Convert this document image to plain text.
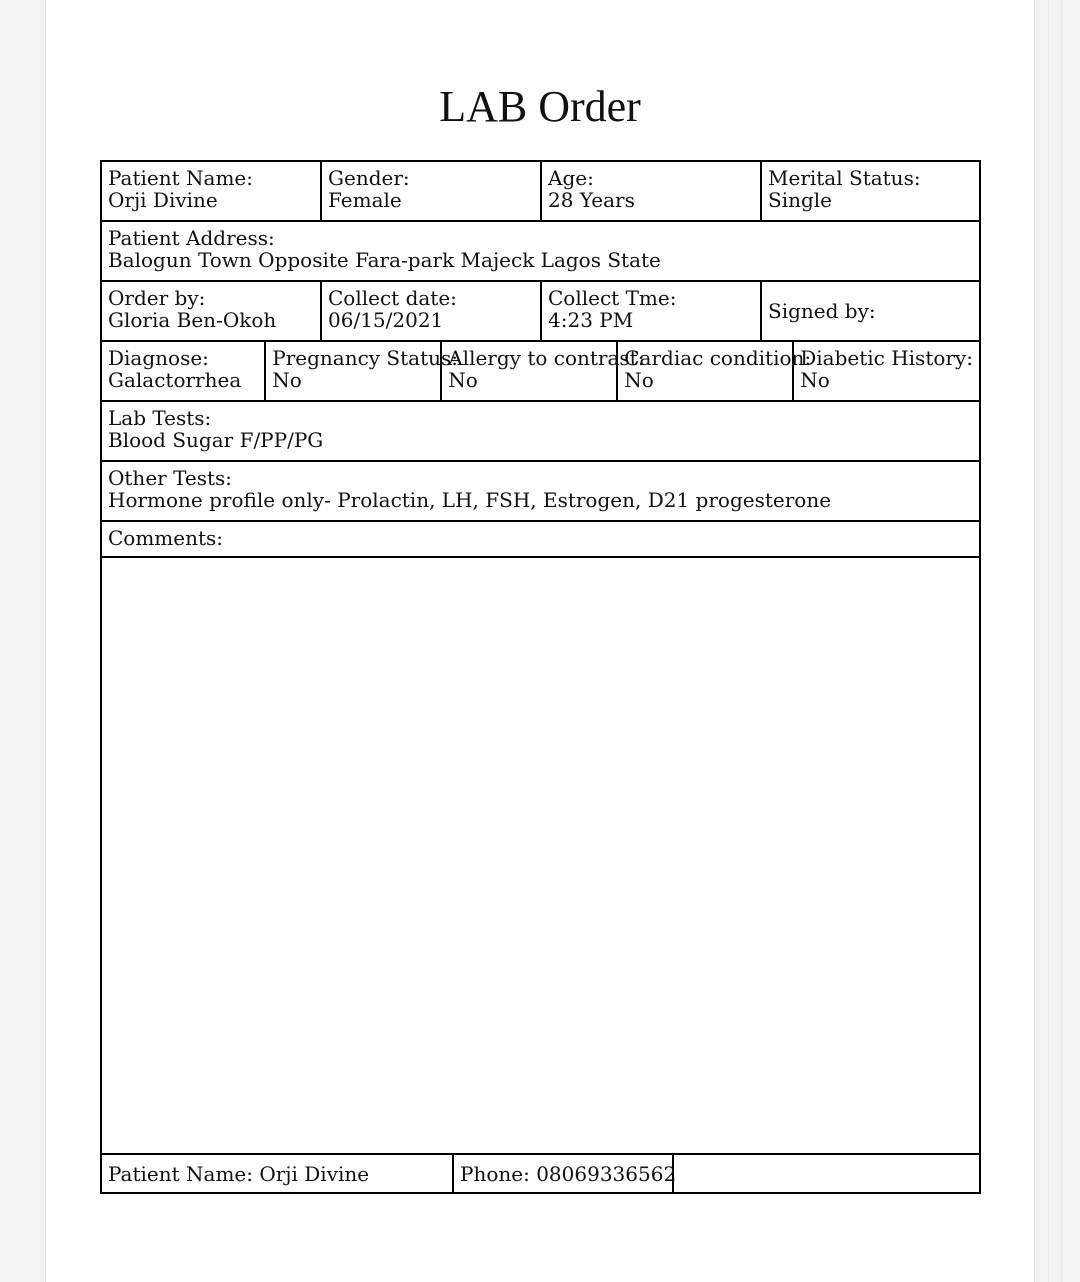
LAB Order
Patient Name:
Orji Divine
Gender:
Female
Age:
28 Years
Merital Status:
Single
Patient Address:
Balogun Town Opposite Fara-park Majeck Lagos State
Order by:
Gloria Ben-Okoh
Collect date:
06/15/2021
Collect Tme:
4:23 PM	Signed by:
Diagnose:
Galactorrhea
Pregnancy Status:
No
Allergy to contrast:
No
Cardiac condition:
No
Diabetic History:
No
Lab Tests:
Blood Sugar F/PP/PG
Other Tests:
Hormone profile only- Prolactin, LH, FSH, Estrogen, D21 progesterone
Comments:
Patient Name: Orji Divine	Phone: 08069336562
